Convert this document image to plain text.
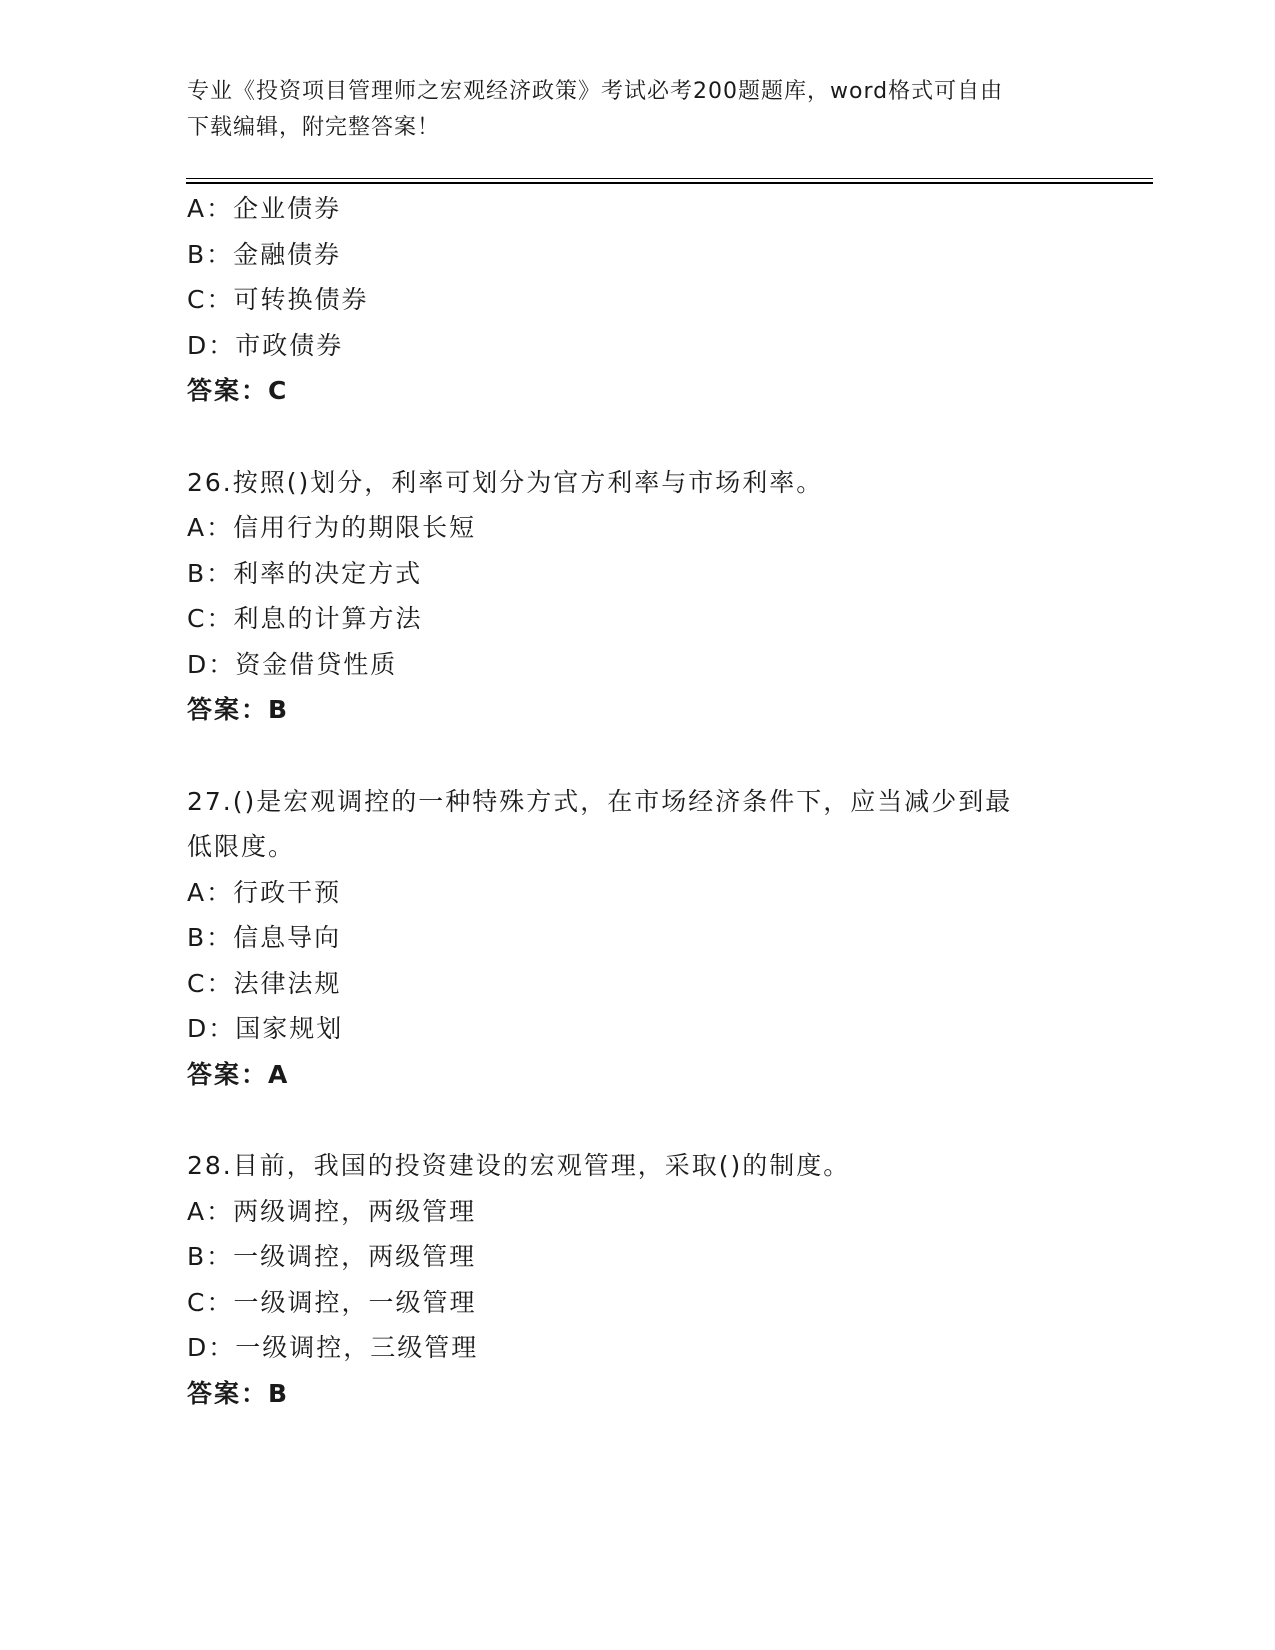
专业《投资项目管理师之宏观经济政策》考试必考200题题库，word格式可自由
下载编辑，附完整答案！
A：企业债券
B：金融债券
C：可转换债券
D：市政债券
答案：C
26.按照()划分，利率可划分为官方利率与市场利率。
A：信用行为的期限长短
B：利率的决定方式
C：利息的计算方法
D：资金借贷性质
答案：B
27.()是宏观调控的一种特殊方式，在市场经济条件下，应当减少到最
低限度。
A：行政干预
B：信息导向
C：法律法规
D：国家规划
答案：A
28.目前，我国的投资建设的宏观管理，采取()的制度。
A：两级调控，两级管理
B：一级调控，两级管理
C：一级调控，一级管理
D：一级调控，三级管理
答案：B
